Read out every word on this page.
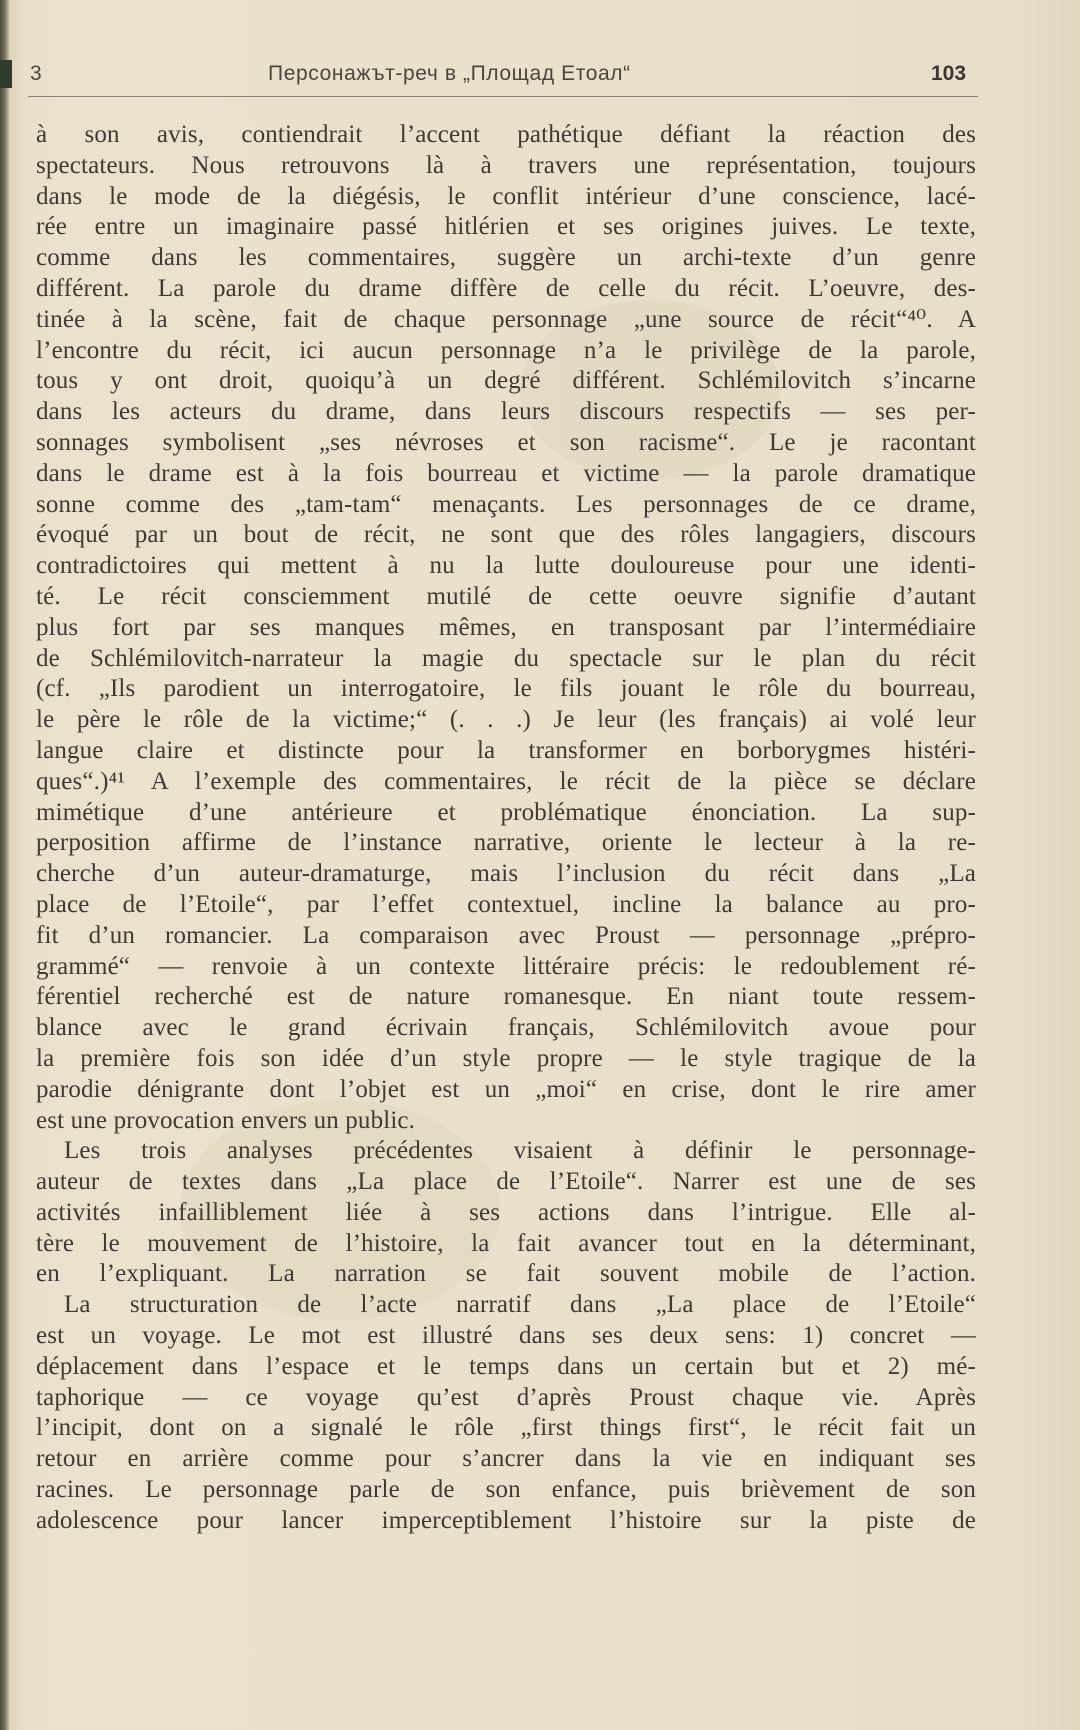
3	Персонажът-реч в „Площад Етоал“	103
à son avis, contiendrait l’accent pathétique défiant la réaction des
spectateurs. Nous retrouvons là à travers une représentation, toujours
dans le mode de la diégésis, le conflit intérieur d’une conscience, lacé-
rée entre un imaginaire passé hitlérien et ses origines juives. Le texte,
comme dans les commentaires, suggère un archi-texte d’un genre
différent. La parole du drame diffère de celle du récit. L’oeuvre, des-
tinée à la scène, fait de chaque personnage „une source de récit“⁴⁰. A
l’encontre du récit, ici aucun personnage n’a le privilège de la parole,
tous y ont droit, quoiqu’à un degré différent. Schlémilovitch s’incarne
dans les acteurs du drame, dans leurs discours respectifs — ses per-
sonnages symbolisent „ses névroses et son racisme“. Le je racontant
dans le drame est à la fois bourreau et victime — la parole dramatique
sonne comme des „tam-tam“ menaçants. Les personnages de ce drame,
évoqué par un bout de récit, ne sont que des rôles langagiers, discours
contradictoires qui mettent à nu la lutte douloureuse pour une identi-
té. Le récit consciemment mutilé de cette oeuvre signifie d’autant
plus fort par ses manques mêmes, en transposant par l’intermédiaire
de Schlémilovitch-narrateur la magie du spectacle sur le plan du récit
(cf. „Ils parodient un interrogatoire, le fils jouant le rôle du bourreau,
le père le rôle de la victime;“ (. . .) Je leur (les français) ai volé leur
langue claire et distincte pour la transformer en borborygmes histéri-
ques“.)⁴¹ A l’exemple des commentaires, le récit de la pièce se déclare
mimétique d’une antérieure et problématique énonciation. La sup-
perposition affirme de l’instance narrative, oriente le lecteur à la re-
cherche d’un auteur-dramaturge, mais l’inclusion du récit dans „La
place de l’Etoile“, par l’effet contextuel, incline la balance au pro-
fit d’un romancier. La comparaison avec Proust — personnage „prépro-
grammé“ — renvoie à un contexte littéraire précis: le redoublement ré-
férentiel recherché est de nature romanesque. En niant toute ressem-
blance avec le grand écrivain français, Schlémilovitch avoue pour
la première fois son idée d’un style propre — le style tragique de la
parodie dénigrante dont l’objet est un „moi“ en crise, dont le rire amer
est une provocation envers un public.
Les trois analyses précédentes visaient à définir le personnage-
auteur de textes dans „La place de l’Etoile“. Narrer est une de ses
activités infailliblement liée à ses actions dans l’intrigue. Elle al-
tère le mouvement de l’histoire, la fait avancer tout en la déterminant,
en l’expliquant. La narration se fait souvent mobile de l’action.
La structuration de l’acte narratif dans „La place de l’Etoile“
est un voyage. Le mot est illustré dans ses deux sens: 1) concret —
déplacement dans l’espace et le temps dans un certain but et 2) mé-
taphorique — ce voyage qu’est d’après Proust chaque vie. Après
l’incipit, dont on a signalé le rôle „first things first“, le récit fait un
retour en arrière comme pour s’ancrer dans la vie en indiquant ses
racines. Le personnage parle de son enfance, puis brièvement de son
adolescence pour lancer imperceptiblement l’histoire sur la piste de
